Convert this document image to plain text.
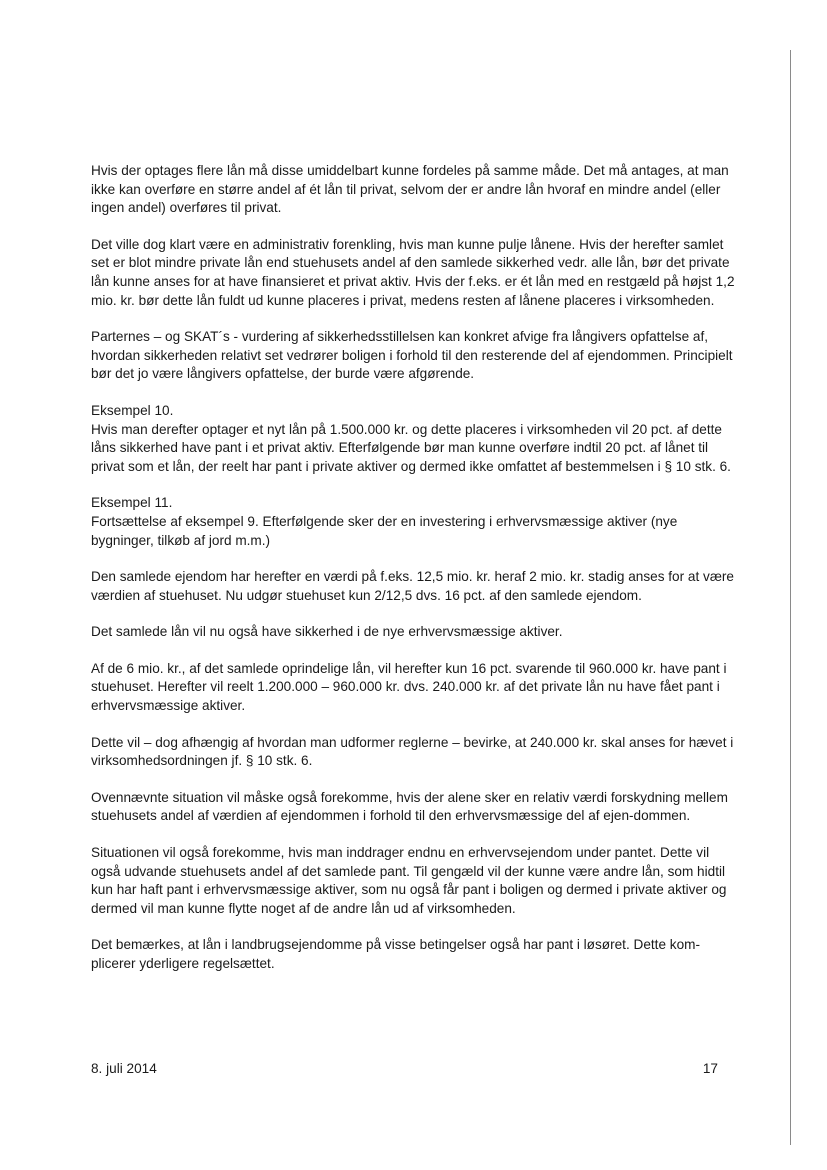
Hvis der optages flere lån må disse umiddelbart kunne fordeles på samme måde. Det må antages, at man ikke kan overføre en større andel af ét lån til privat, selvom der er andre lån hvoraf en mindre andel (eller ingen andel) overføres til privat.

Det ville dog klart være en administrativ forenkling, hvis man kunne pulje lånene. Hvis der herefter samlet set er blot mindre private lån end stuehusets andel af den samlede sikkerhed vedr. alle lån, bør det private lån kunne anses for at have finansieret et privat aktiv. Hvis der f.eks. er ét lån med en restgæld på højst 1,2 mio. kr. bør dette lån fuldt ud kunne placeres i privat, medens resten af lånene placeres i virksomheden.

Parternes – og SKAT´s - vurdering af sikkerhedsstillelsen kan konkret afvige fra långivers opfattelse af, hvordan sikkerheden relativt set vedrører boligen i forhold til den resterende del af ejendommen. Principielt bør det jo være långivers opfattelse, der burde være afgørende.

Eksempel 10.
Hvis man derefter optager et nyt lån på 1.500.000 kr. og dette placeres i virksomheden vil 20 pct. af dette låns sikkerhed have pant i et privat aktiv. Efterfølgende bør man kunne overføre indtil 20 pct. af lånet til privat som et lån, der reelt har pant i private aktiver og dermed ikke omfattet af bestemmelsen i § 10 stk. 6.

Eksempel 11.
Fortsættelse af eksempel 9. Efterfølgende sker der en investering i erhvervsmæssige aktiver (nye bygninger, tilkøb af jord m.m.)

Den samlede ejendom har herefter en værdi på f.eks. 12,5 mio. kr. heraf 2 mio. kr. stadig anses for at være værdien af stuehuset. Nu udgør stuehuset kun 2/12,5 dvs. 16 pct. af den samlede ejendom.

Det samlede lån vil nu også have sikkerhed i de nye erhvervsmæssige aktiver.

Af de 6 mio. kr., af det samlede oprindelige lån, vil herefter kun 16 pct. svarende til 960.000 kr. have pant i stuehuset. Herefter vil reelt 1.200.000 – 960.000 kr. dvs. 240.000 kr. af det private lån nu have fået pant i erhvervsmæssige aktiver.

Dette vil – dog afhængig af hvordan man udformer reglerne – bevirke, at 240.000 kr. skal anses for hævet i virksomhedsordningen jf. § 10 stk. 6.

Ovennævnte situation vil måske også forekomme, hvis der alene sker en relativ værdi forskydning mellem stuehusets andel af værdien af ejendommen i forhold til den erhvervsmæssige del af ejen-dommen.

Situationen vil også forekomme, hvis man inddrager endnu en erhvervsejendom under pantet. Dette vil også udvande stuehusets andel af det samlede pant. Til gengæld vil der kunne være andre lån, som hidtil kun har haft pant i erhvervsmæssige aktiver, som nu også får pant i boligen og dermed i private aktiver og dermed vil man kunne flytte noget af de andre lån ud af virksomheden.

Det bemærkes, at lån i landbrugsejendomme på visse betingelser også har pant i løsøret. Dette kom-plicerer yderligere regelsættet.

8. juli 2014	17
